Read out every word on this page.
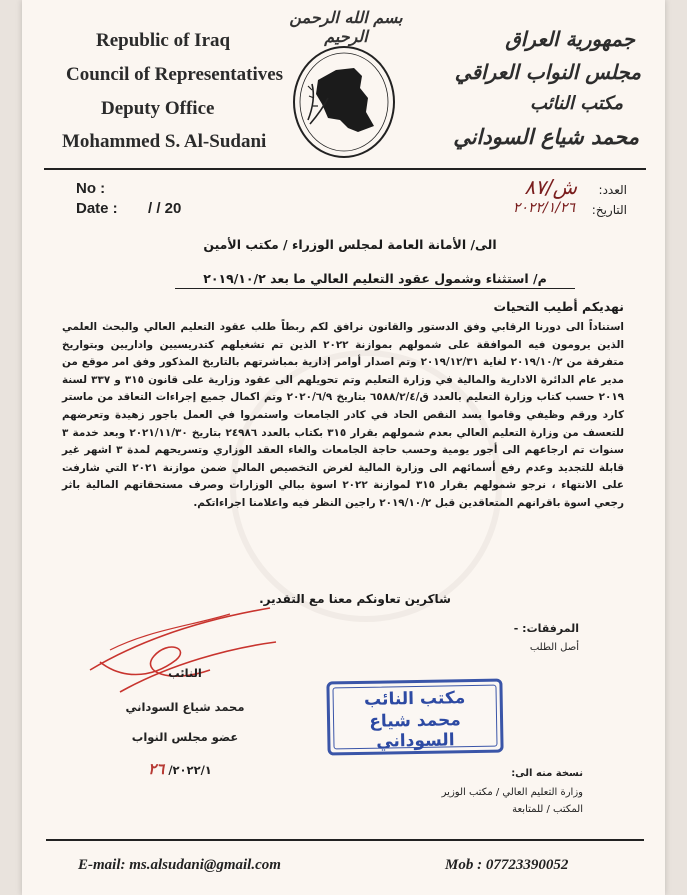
Republic of Iraq
Council of Representatives
Deputy Office
Mohammed S. Al-Sudani
بسم الله الرحمن الرحيم	جمهورية العراق
مجلس النواب العراقي
مكتب النائب
محمد شياع السوداني
No :
Date : / / 20
العدد:
التاريخ:
ش/٨٧
٢٠٢٢/١/٢٦
الى/ الأمانة العامة لمجلس الوزراء / مكتب الأمين
م/ استثناء وشمول عقود التعليم العالي ما بعد ٢٠١٩/١٠/٢
نهديكم أطيب التحيات
استناداً الى دورنا الرقابي وفق الدستور والقانون نرافق لكم ربطاً طلب عقود التعليم العالي والبحث العلمي الذين يرومون فيه الموافقة على شمولهم بموازنة ٢٠٢٢ الذين تم تشغيلهم كتدريسيين واداريين وبتواريخ متفرقة من ٢٠١٩/١٠/٢ لغاية ٢٠١٩/١٢/٣١ وتم اصدار أوامر إدارية بمباشرتهم بالتاريخ المذكور وفق امر موقع من مدير عام الدائرة الادارية والمالية في وزارة التعليم وتم تحويلهم الى عقود وزارية على قانون ٣١٥ و ٣٣٧ لسنة ٢٠١٩ حسب كتاب وزارة التعليم بالعدد ق/٦٥٨٨/٢/٤ بتاريخ ٢٠٢٠/٦/٩ وتم اكمال جميع إجراءات التعاقد من ماستر كارد ورقم وظيفي وقاموا بسد النقص الحاد في كادر الجامعات واستمروا في العمل باجور زهيدة وتعرضهم للتعسف من وزارة التعليم العالي بعدم شمولهم بقرار ٣١٥ بكتاب بالعدد ٢٤٩٨٦ بتاريخ ٢٠٢١/١١/٣٠ وبعد خدمة ٣ سنوات تم ارجاعهم الى أجور يومية وحسب حاجة الجامعات والغاء العقد الوزاري وتسريحهم لمدة ٣ اشهر غير قابلة للتجديد وعدم رفع أسمائهم الى وزارة المالية لغرض التخصيص المالي ضمن موازنة ٢٠٢١ التي شارفت على الانتهاء ، نرجو شمولهم بقرار ٣١٥ لموازنة ٢٠٢٢ اسوة ببالي الوزارات وصرف مستحقاتهم المالية باثر رجعي اسوة باقرانهم المتعاقدين قبل ٢٠١٩/١٠/٢ راجين النظر فيه واعلامنا اجراءاتكم.
شاكرين تعاونكم معنا مع التقدير.
المرفقات: -
أصل الطلب
النائب
محمد شياع السوداني
عضو مجلس النواب
٢٠٢٢/١/ ٢٦
مكتب النائب
محمد شياع السوداني
نسخة منه الى:
وزارة التعليم العالي / مكتب الوزير
المكتب / للمتابعة
E-mail: ms.alsudani@gmail.com	Mob : 07723390052
